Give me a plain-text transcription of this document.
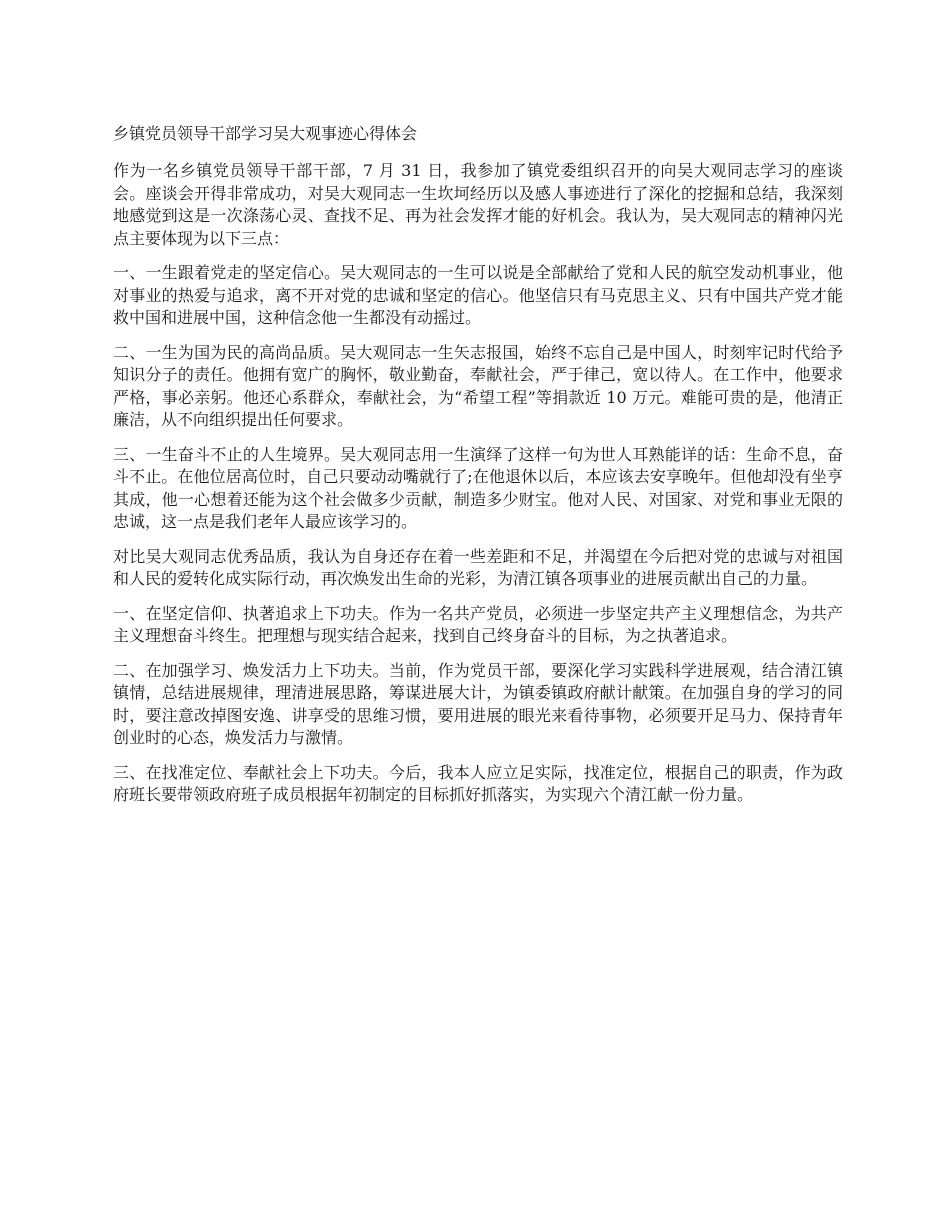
乡镇党员领导干部学习吴大观事迹心得体会

作为一名乡镇党员领导干部干部，7 月 31 日，我参加了镇党委组织召开的向吴大观同志学习的座谈会。座谈会开得非常成功，对吴大观同志一生坎坷经历以及感人事迹进行了深化的挖掘和总结，我深刻地感觉到这是一次涤荡心灵、查找不足、再为社会发挥才能的好机会。我认为，吴大观同志的精神闪光点主要体现为以下三点：

一、一生跟着党走的坚定信心。吴大观同志的一生可以说是全部献给了党和人民的航空发动机事业，他对事业的热爱与追求，离不开对党的忠诚和坚定的信心。他坚信只有马克思主义、只有中国共产党才能救中国和进展中国，这种信念他一生都没有动摇过。

二、一生为国为民的高尚品质。吴大观同志一生矢志报国，始终不忘自己是中国人，时刻牢记时代给予知识分子的责任。他拥有宽广的胸怀，敬业勤奋，奉献社会，严于律己，宽以待人。在工作中，他要求严格，事必亲躬。他还心系群众，奉献社会，为“希望工程”等捐款近 10 万元。难能可贵的是，他清正廉洁，从不向组织提出任何要求。

三、一生奋斗不止的人生境界。吴大观同志用一生演绎了这样一句为世人耳熟能详的话：生命不息，奋斗不止。在他位居高位时，自己只要动动嘴就行了;在他退休以后，本应该去安享晚年。但他却没有坐亨其成，他一心想着还能为这个社会做多少贡献，制造多少财宝。他对人民、对国家、对党和事业无限的忠诚，这一点是我们老年人最应该学习的。

对比吴大观同志优秀品质，我认为自身还存在着一些差距和不足，并渴望在今后把对党的忠诚与对祖国和人民的爱转化成实际行动，再次焕发出生命的光彩，为清江镇各项事业的进展贡献出自己的力量。

一、在坚定信仰、执著追求上下功夫。作为一名共产党员，必须进一步坚定共产主义理想信念，为共产主义理想奋斗终生。把理想与现实结合起来，找到自己终身奋斗的目标，为之执著追求。

二、在加强学习、焕发活力上下功夫。当前，作为党员干部，要深化学习实践科学进展观，结合清江镇镇情，总结进展规律，理清进展思路，筹谋进展大计，为镇委镇政府献计献策。在加强自身的学习的同时，要注意改掉图安逸、讲享受的思维习惯，要用进展的眼光来看待事物，必须要开足马力、保持青年创业时的心态，焕发活力与激情。

三、在找准定位、奉献社会上下功夫。今后，我本人应立足实际，找准定位，根据自己的职责，作为政府班长要带领政府班子成员根据年初制定的目标抓好抓落实，为实现六个清江献一份力量。
